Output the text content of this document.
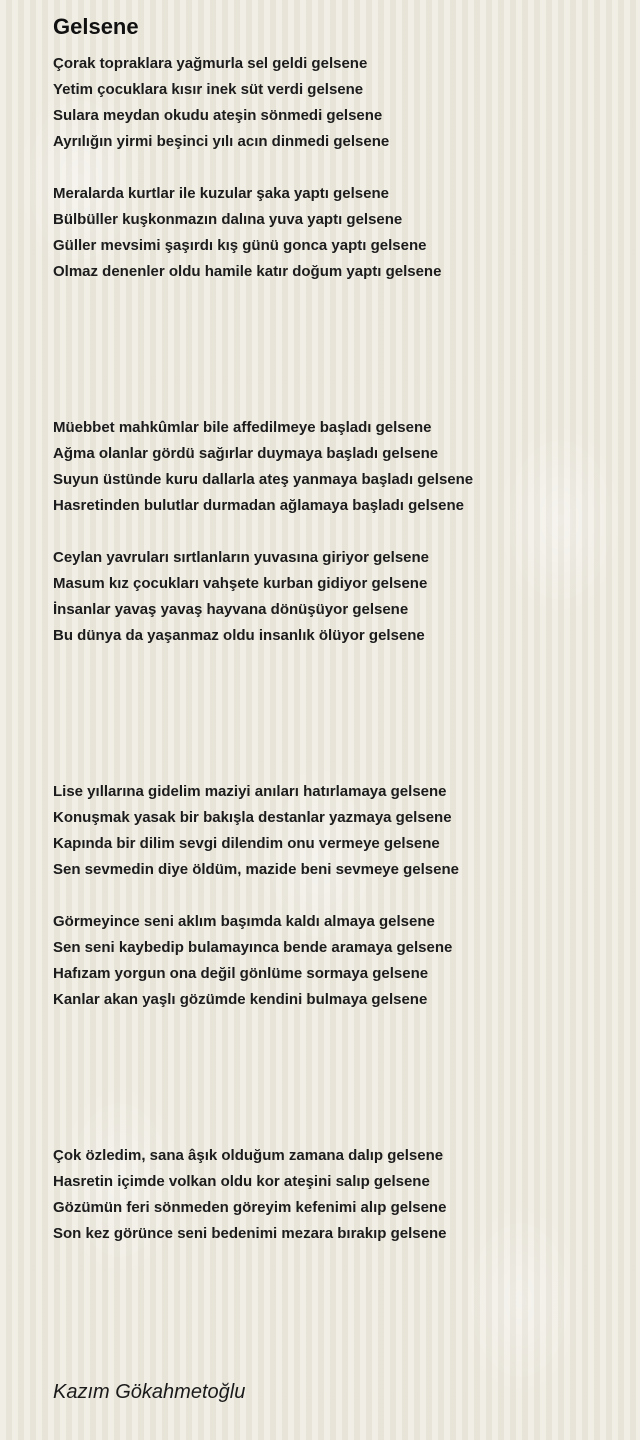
Gelsene
Çorak topraklara yağmurla sel geldi gelsene
Yetim çocuklara kısır inek süt verdi gelsene
Sulara meydan okudu ateşin sönmedi gelsene
Ayrılığın yirmi beşinci yılı acın dinmedi gelsene
Meralarda kurtlar ile kuzular şaka yaptı gelsene
Bülbüller kuşkonmazın dalına yuva yaptı gelsene
Güller mevsimi şaşırdı kış günü gonca yaptı gelsene
Olmaz denenler oldu hamile katır doğum yaptı gelsene
Müebbet mahkûmlar bile affedilmeye başladı gelsene
Ağma olanlar gördü sağırlar duymaya başladı gelsene
Suyun üstünde kuru dallarla ateş yanmaya başladı gelsene
Hasretinden bulutlar durmadan ağlamaya başladı gelsene
Ceylan yavruları sırtlanların yuvasına giriyor gelsene
Masum kız çocukları vahşete kurban gidiyor gelsene
İnsanlar yavaş yavaş hayvana dönüşüyor gelsene
Bu dünya da yaşanmaz oldu insanlık ölüyor gelsene
Lise yıllarına gidelim maziyi anıları hatırlamaya gelsene
Konuşmak yasak bir bakışla destanlar yazmaya gelsene
Kapında bir dilim sevgi dilendim onu vermeye gelsene
Sen sevmedin diye öldüm, mazide beni sevmeye gelsene
Görmeyince seni aklım başımda kaldı almaya gelsene
Sen seni kaybedip bulamayınca bende aramaya gelsene
Hafızam yorgun ona değil gönlüme sormaya gelsene
Kanlar akan yaşlı gözümde kendini bulmaya gelsene
Çok özledim, sana âşık olduğum zamana dalıp gelsene
Hasretin içimde volkan oldu kor ateşini salıp gelsene
Gözümün feri sönmeden göreyim kefenimi alıp gelsene
Son kez görünce seni bedenimi mezara bırakıp gelsene
Kazım Gökahmetoğlu
